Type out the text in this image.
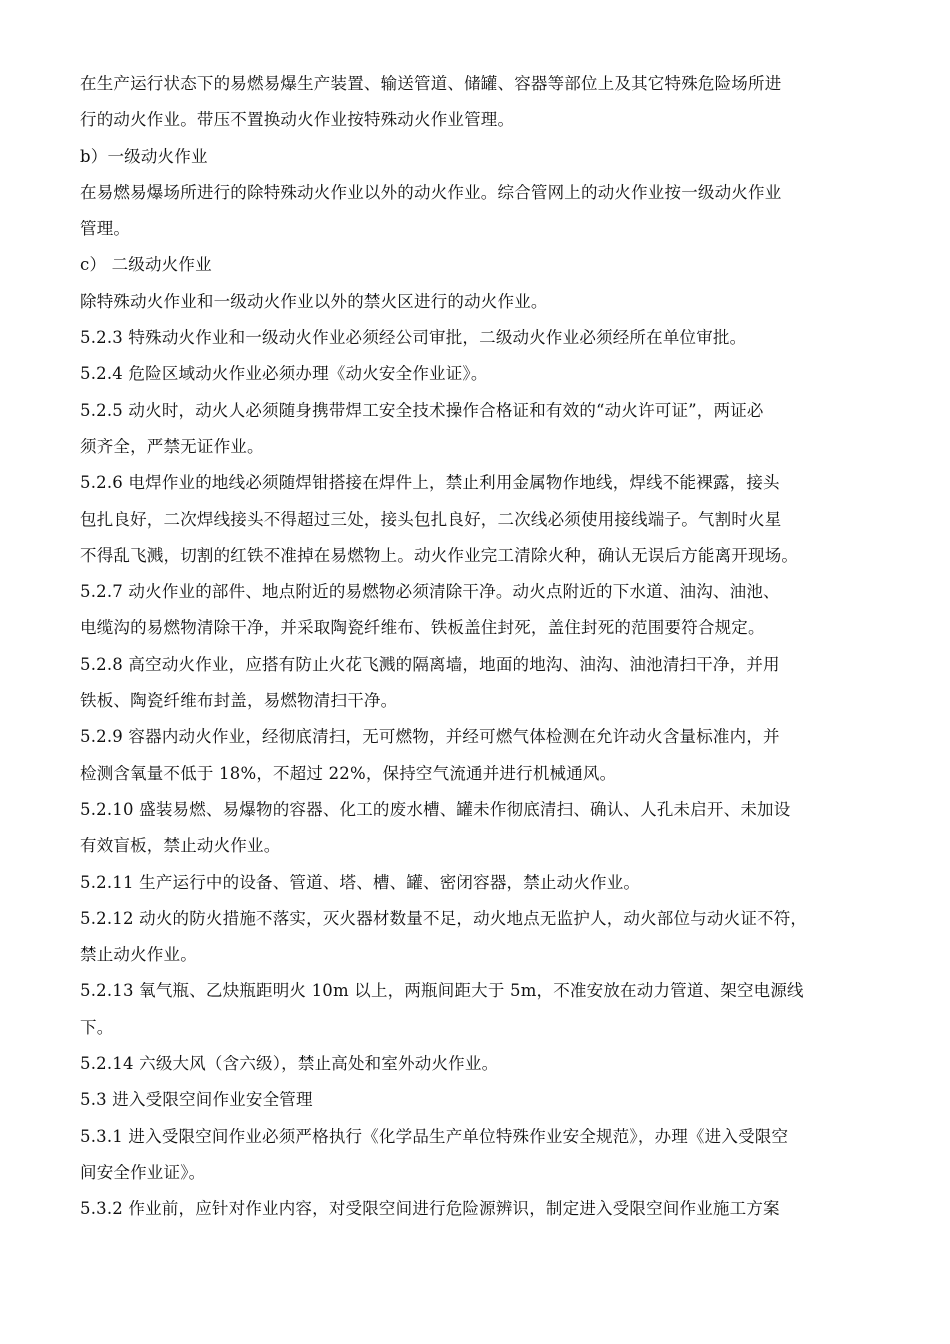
在生产运行状态下的易燃易爆生产装置、输送管道、储罐、容器等部位上及其它特殊危险场所进
行的动火作业。带压不置换动火作业按特殊动火作业管理。
b）一级动火作业
在易燃易爆场所进行的除特殊动火作业以外的动火作业。综合管网上的动火作业按一级动火作业
管理。
c） 二级动火作业
除特殊动火作业和一级动火作业以外的禁火区进行的动火作业。
5.2.3 特殊动火作业和一级动火作业必须经公司审批，二级动火作业必须经所在单位审批。
5.2.4 危险区域动火作业必须办理《动火安全作业证》。
5.2.5 动火时，动火人必须随身携带焊工安全技术操作合格证和有效的“动火许可证”，两证必
须齐全，严禁无证作业。
5.2.6 电焊作业的地线必须随焊钳搭接在焊件上，禁止利用金属物作地线，焊线不能裸露，接头
包扎良好，二次焊线接头不得超过三处，接头包扎良好，二次线必须使用接线端子。气割时火星
不得乱飞溅，切割的红铁不准掉在易燃物上。动火作业完工清除火种，确认无误后方能离开现场。
5.2.7 动火作业的部件、地点附近的易燃物必须清除干净。动火点附近的下水道、油沟、油池、
电缆沟的易燃物清除干净，并采取陶瓷纤维布、铁板盖住封死，盖住封死的范围要符合规定。
5.2.8 高空动火作业，应搭有防止火花飞溅的隔离墙，地面的地沟、油沟、油池清扫干净，并用
铁板、陶瓷纤维布封盖，易燃物清扫干净。
5.2.9 容器内动火作业，经彻底清扫，无可燃物，并经可燃气体检测在允许动火含量标准内，并
检测含氧量不低于 18%，不超过 22%，保持空气流通并进行机械通风。
5.2.10 盛装易燃、易爆物的容器、化工的废水槽、罐未作彻底清扫、确认、人孔未启开、未加设
有效盲板，禁止动火作业。
5.2.11 生产运行中的设备、管道、塔、槽、罐、密闭容器，禁止动火作业。
5.2.12 动火的防火措施不落实，灭火器材数量不足，动火地点无监护人，动火部位与动火证不符，
禁止动火作业。
5.2.13 氧气瓶、乙炔瓶距明火 10m 以上，两瓶间距大于 5m，不准安放在动力管道、架空电源线
下。
5.2.14 六级大风（含六级），禁止高处和室外动火作业。
5.3 进入受限空间作业安全管理
5.3.1 进入受限空间作业必须严格执行《化学品生产单位特殊作业安全规范》，办理《进入受限空
间安全作业证》。
5.3.2 作业前，应针对作业内容，对受限空间进行危险源辨识，制定进入受限空间作业施工方案
